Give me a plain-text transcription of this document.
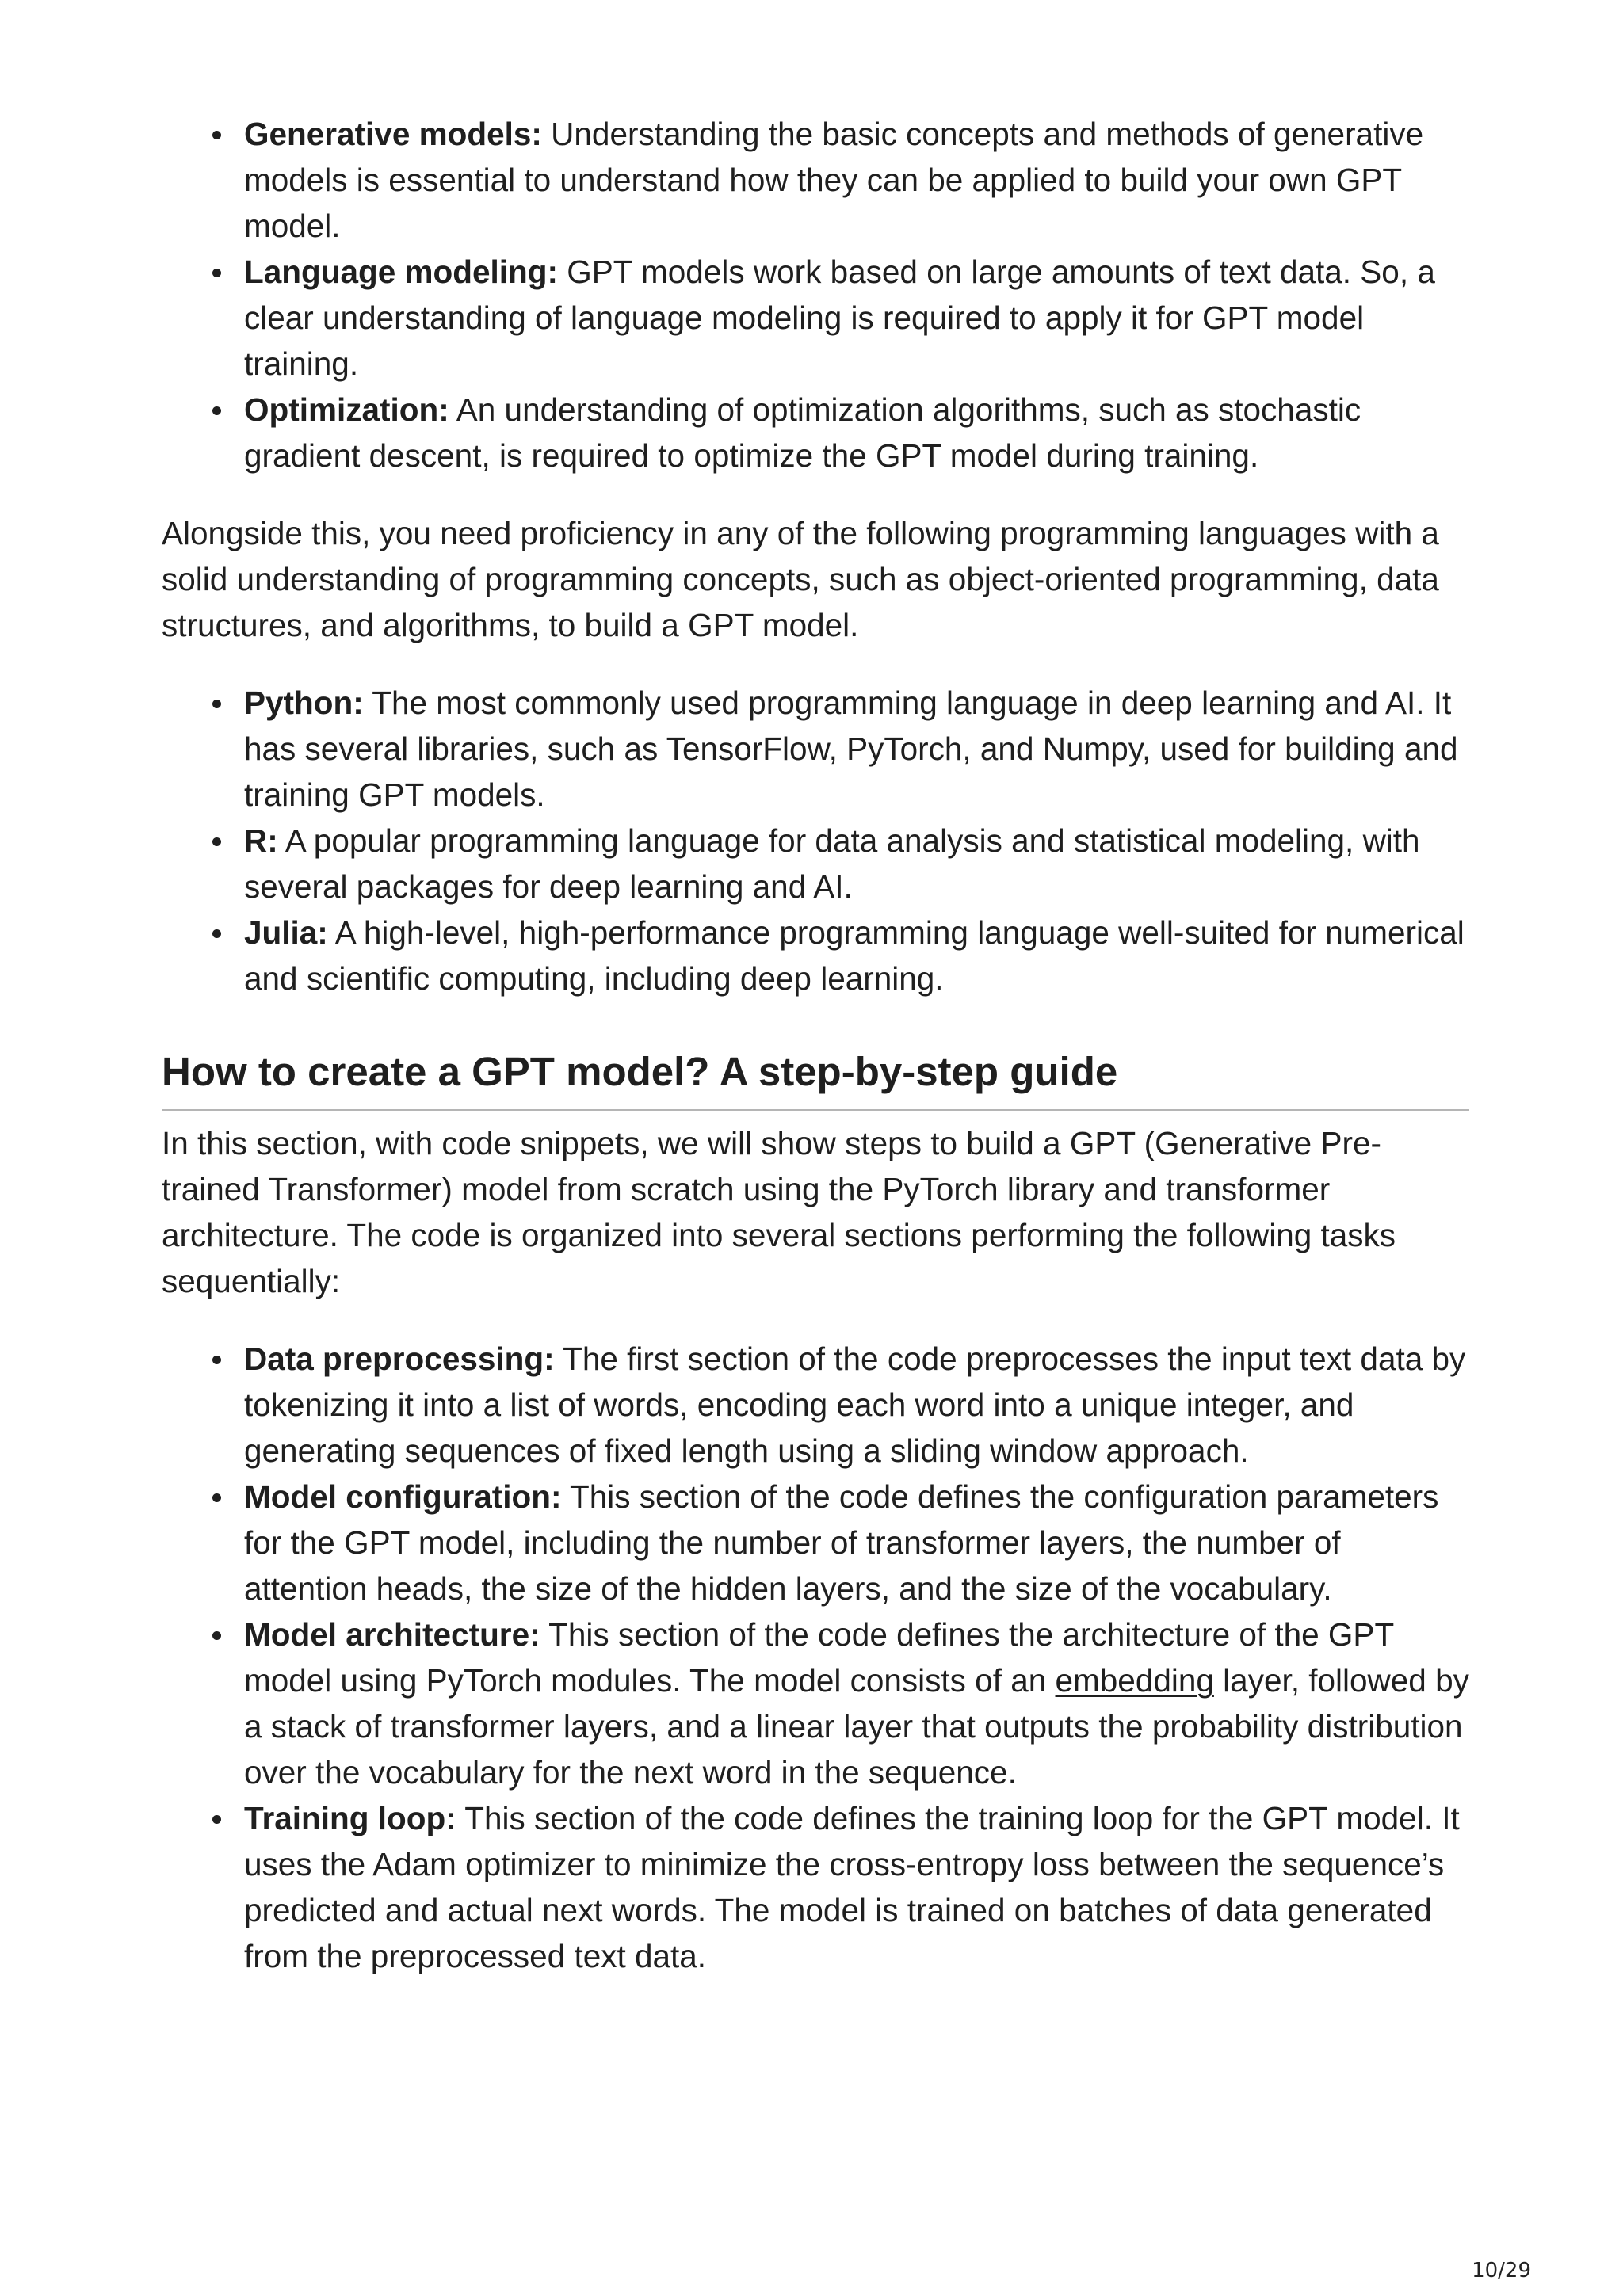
Generative models: Understanding the basic concepts and methods of generative models is essential to understand how they can be applied to build your own GPT model.
Language modeling: GPT models work based on large amounts of text data. So, a clear understanding of language modeling is required to apply it for GPT model training.
Optimization: An understanding of optimization algorithms, such as stochastic gradient descent, is required to optimize the GPT model during training.

Alongside this, you need proficiency in any of the following programming languages with a solid understanding of programming concepts, such as object-oriented programming, data structures, and algorithms, to build a GPT model.

Python: The most commonly used programming language in deep learning and AI. It has several libraries, such as TensorFlow, PyTorch, and Numpy, used for building and training GPT models.
R: A popular programming language for data analysis and statistical modeling, with several packages for deep learning and AI.
Julia: A high-level, high-performance programming language well-suited for numerical and scientific computing, including deep learning.
How to create a GPT model? A step-by-step guide

In this section, with code snippets, we will show steps to build a GPT (Generative Pre-trained Transformer) model from scratch using the PyTorch library and transformer architecture. The code is organized into several sections performing the following tasks sequentially:

Data preprocessing: The first section of the code preprocesses the input text data by tokenizing it into a list of words, encoding each word into a unique integer, and generating sequences of fixed length using a sliding window approach.
Model configuration: This section of the code defines the configuration parameters for the GPT model, including the number of transformer layers, the number of attention heads, the size of the hidden layers, and the size of the vocabulary.
Model architecture: This section of the code defines the architecture of the GPT model using PyTorch modules. The model consists of an embedding layer, followed by a stack of transformer layers, and a linear layer that outputs the probability distribution over the vocabulary for the next word in the sequence.
Training loop: This section of the code defines the training loop for the GPT model. It uses the Adam optimizer to minimize the cross-entropy loss between the sequence’s predicted and actual next words. The model is trained on batches of data generated from the preprocessed text data.
10/29
